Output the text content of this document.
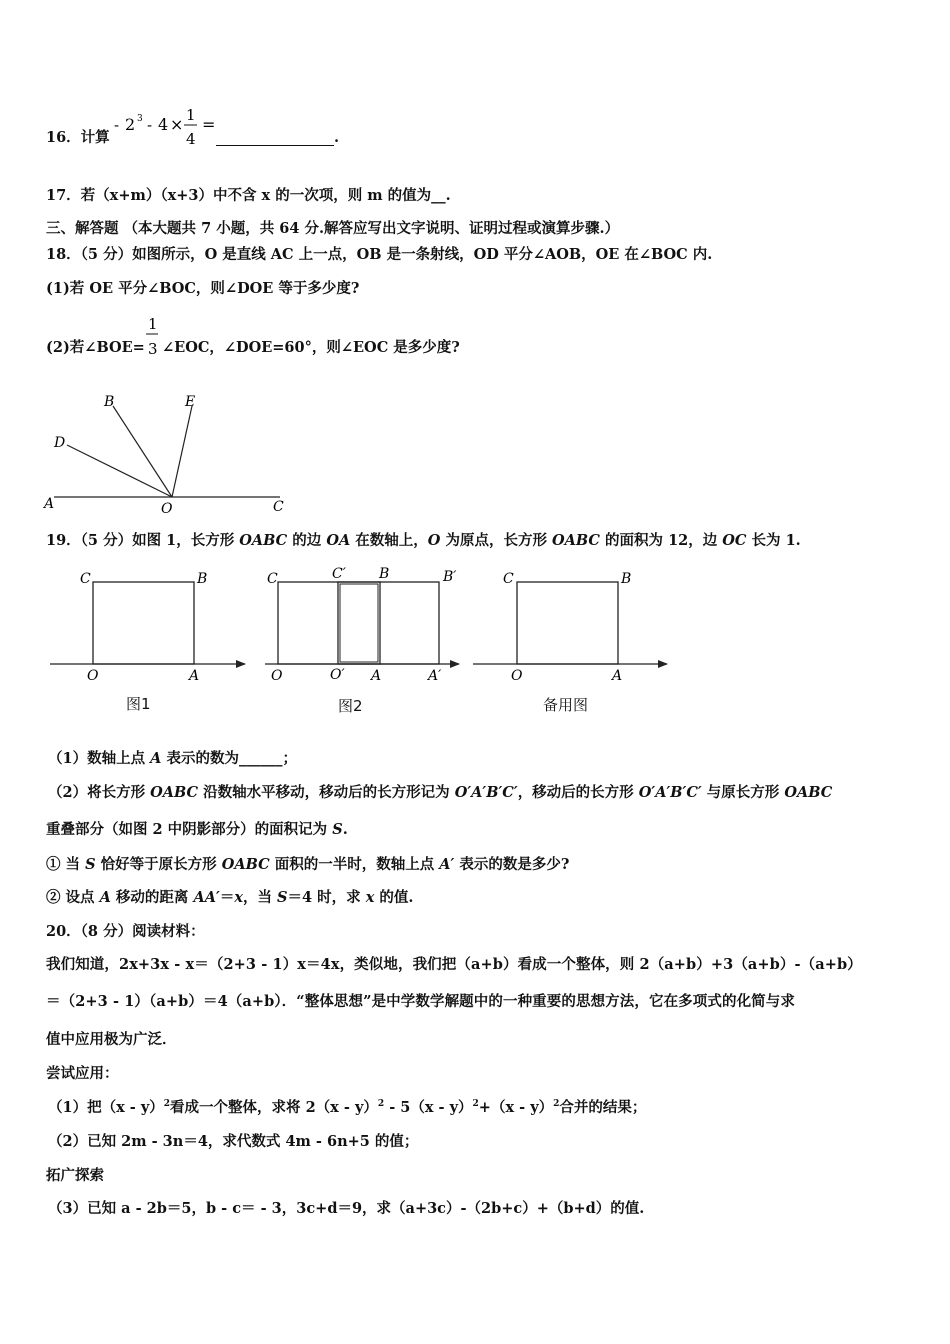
16．计算
- 2 3 - 4 × 1
4
=
.
17．若（x+m）（x+3）中不含 x 的一次项，则 m 的值为__.
三、解答题 （本大题共 7 小题，共 64 分.解答应写出文字说明、证明过程或演算步骤.）
18．（5 分）如图所示，O 是直线 AC 上一点，OB 是一条射线，OD 平分∠AOB，OE 在∠BOC 内.
(1)若 OE 平分∠BOC，则∠DOE 等于多少度?
(2)若∠BOE=
1
3 ∠EOC，∠DOE=60°，则∠EOC 是多少度?
A
B
C
D
E
O
19．（5 分）如图 1，长方形 OABC 的边 OA 在数轴上，O 为原点，长方形 OABC 的面积为 12，边 OC 长为 1.
C	B
O	A
C	C′ B	B′
O	O′ A	A′
C	B
O	A
图1	图2	备用图
（1）数轴上点 A 表示的数为______；
（2）将长方形 OABC 沿数轴水平移动，移动后的长方形记为 O′A′B′C′，移动后的长方形 O′A′B′C′ 与原长方形 OABC
重叠部分（如图 2 中阴影部分）的面积记为 S.
① 当 S 恰好等于原长方形 OABC 面积的一半时，数轴上点 A′ 表示的数是多少?
② 设点 A 移动的距离 AA′＝x，当 S＝4 时，求 x 的值.
20．（8 分）阅读材料：
我们知道，2x+3x - x＝（2+3 - 1）x＝4x，类似地，我们把（a+b）看成一个整体，则 2（a+b）+3（a+b）-（a+b）
＝（2+3 - 1）（a+b）＝4（a+b）．“整体思想”是中学数学解题中的一种重要的思想方法，它在多项式的化简与求
值中应用极为广泛．
尝试应用：
（1）把（x - y）$^2$看成一个整体，求将 2（x - y）$^2$ - 5（x - y）$^2$+（x - y）$^2$合并的结果；
（2）已知 2m - 3n＝4，求代数式 4m - 6n+5 的值；
拓广探索
（3）已知 a - 2b＝5，b - c＝ - 3，3c+d＝9，求（a+3c）-（2b+c）+（b+d）的值.
